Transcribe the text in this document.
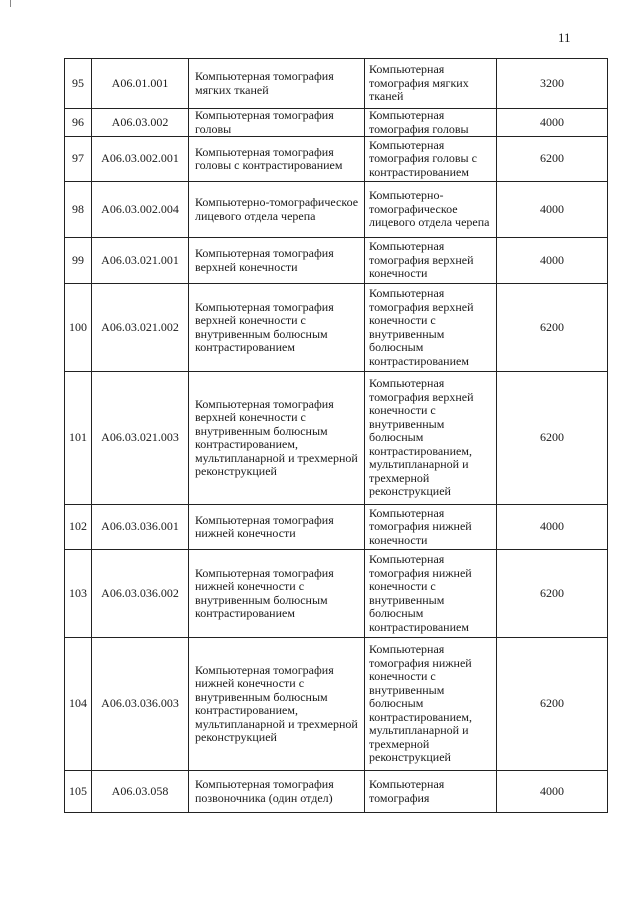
11
95	A06.01.001	Компьютерная томография мягких тканей	Компьютерная томография мягких тканей	3200
96	A06.03.002	Компьютерная томография головы	Компьютерная томография головы	4000
97	A06.03.002.001	Компьютерная томография головы с контрастированием	Компьютерная томография головы с контрастированием	6200
98	A06.03.002.004	Компьютерно-томографическое лицевого отдела черепа	Компьютерно-томографическое лицевого отдела черепа	4000
99	A06.03.021.001	Компьютерная томография верхней конечности	Компьютерная томография верхней конечности	4000
100	A06.03.021.002	Компьютерная томография верхней конечности с внутривенным болюсным контрастированием	Компьютерная томография верхней конечности с внутривенным болюсным контрастированием	6200
101	A06.03.021.003	Компьютерная томография верхней конечности с внутривенным болюсным контрастированием, мультипланарной и трехмерной реконструкцией	Компьютерная томография верхней конечности с внутривенным болюсным контрастированием, мультипланарной и трехмерной реконструкцией	6200
102	A06.03.036.001	Компьютерная томография нижней конечности	Компьютерная томография нижней конечности	4000
103	A06.03.036.002	Компьютерная томография нижней конечности с внутривенным болюсным контрастированием	Компьютерная томография нижней конечности с внутривенным болюсным контрастированием	6200
104	A06.03.036.003	Компьютерная томография нижней конечности с внутривенным болюсным контрастированием, мультипланарной и трехмерной реконструкцией	Компьютерная томография нижней конечности с внутривенным болюсным контрастированием, мультипланарной и трехмерной реконструкцией	6200
105	A06.03.058	Компьютерная томография позвоночника (один отдел)	Компьютерная томография	4000
